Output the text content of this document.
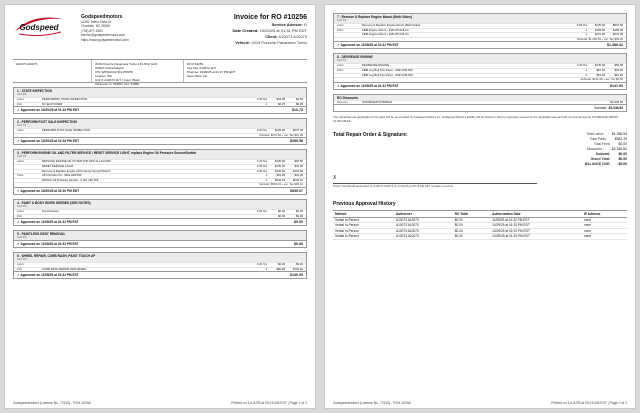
Godspeed
Godspeedmotors
11481 Talent Oaks Dr
Charlotte, NC 28269
(704) 877-1500
service@godspeedmotors.com
https://www.godspeedmotors.com
Invoice for RO #10256
Service Advisor: R
Date Created: 10/29/25 at 01:31 PM EDT
Client: A10073 A10073
Vehicle: 2015 Porsche Panamera Turbo
A10073 A10073	2015 Porsche Panamera Turbo 4.8L 8Cyl GAS
OWNA Turbocharged
VIN: WP0AC2A72FL078076
License: N/A
Unit #: A10073 11/7 | Color: Black
Odometer In: 61859 | Out: 61859
RO # 10256
Key Tag: A10073 11/7
Promise: 10/29/25 at 01:37 PM EDT
Save Parts: No
1 - STATE INSPECTION
Tech P/S
Labor	PERFORMNC STATE INSPECTION	0.30 hrs	$23.38	$4.69
Part	NC ELSTICKER	1	$6.25	$6.25
✓ Approved on 10/29/25 at 01:33 PM EDT	$10.73
2 - PERFORM POST SALE INSPECTION
Tech T.S
Labor	PERFORM POST SALE INSPECTION	2.00 hrs	$135.00	$270.00
Subtotal: $270.00 + est. Tax $19.38
✓ Approved on 10/29/25 at 01:33 PM EDT	$289.58
3 - PERFORM ENGINE OIL AND FILTER SERVICE / RESET SERVICE LIGHT, replace Engine Oil Pressure Sensor/Switch
Tech T.S
Labor	REPLACE ENGINE OIL FILTER TOP OFF ALL FLUIDS	0.70 hrs	$135.00	$94.50
RESET SERVICE LIGHT	0.30 hrs	$135.00	$40.50
Remove & Replace Engine Oil Pressure Sensor/Switch	0.93 hrs	$135.00	$133.65
Parts	API Oil Filter Kit - 9001.094/760	1	$34.29	$34.29
BOSCH Oil Pressure Sender - 0 261 230 256	1	$245.19	$245.19
Subtotal: $503.63 + est. Tax $36.44
✓ Approved on 10/29/25 at 02:10 PM EDT	$539.07
4 - PAINT & BODY WORK NEEDED (SEE NOTES)
Tech P/S
Labor	Front bumper	0.01 hrs	$0.00	$0.00
Part	$0.00	$0.00
✓ Approved on 11/08/25 at 01:32 PM EST	$0.00
5 - PAINTLESS DENT REMOVAL
Tech P/S
✓ Approved on 11/08/25 at 01:32 PM EST	$0.00
6 - WHEEL REPAIR, CURB RASH, PAINT TOUCH UP
Tech P/S
Labor	0.01 hrs	$0.00	$0.00
Part	CURB RASH REPAIR PER WHEEL	2	$65.00	$130.00
✓ Approved on 11/08/25 at 01:32 PM EST	$130.00
Godspeedmotors (License No. 72110) - RO# 10256	Printed on 11/11/25 at 09:15 AM EST | Page 1 of 2
7 - Remove & Replace Engine Mount (Both Sides)
Tech T.S
Labor	Remove & Replace Engine Mount (Both Sides)	5.94 hrs	$135.00	$801.90
Parts	FEBI Engine Mount - 948.375.018.1G	1	$183.95	$183.95
FEBI Engine Mount - 948.375.036 1G	1	$231.05	$231.05
Subtotal: $1,290.50 + est. Tax $99.92
✓ Approved on 11/08/25 at 01:32 PM EST	$1,389.42
8 - DEGREASE ENGINE
Tech T.S
Labor	DEGREASE ENGINE	0.40 hrs	$135.00	$54.00
Parts	FEBI Lug Bolt Two-Piece - 9941.005.540	1	$15.49	$15.49
FEBI Lug Bolt Two-Piece - 9941.005.540	1	$15.49	$15.49
Subtotal: $131.98 + est. Tax $9.55
✓ Approved on 11/08/25 at 01:32 PM EST	$141.53
RO Discounts
Discount	GODSPEED INTERNAL	-$2,346.82
Subtotal: -$2,346.82
The warranties are applicable for the parts will be as provided by Godspeed Motors Inc. Godspeed Motors's liability will be limited to what is expressly required by the applicable laws and will not extend beyond COVERAGE 12MOS 12,000 MILES.
Total Repair Order & Signature:
X
Grand Total $0.00 authorized by A10073 A10073 on 11/11/25 at 09:15 AM EST verbally in-person
Total Labor:	$1,358.53
Total Parts:	$982.29
Total Fees:	$0.00
Discounts:	-$2,346.82
Subtotal:	$0.00
Grand Total:	$0.00
BALANCE DUE:	$0.00
Previous Approval History
Method	Authorizer	RO Total	Authorization Date	IP Address
Verbal In-Person	A10073 A10073	$0.00	11/08/25 at 01:32 PM EST	none
Verbal In-Person	A10073 A10073	$0.00	10/29/25 at 01:33 PM EDT	none
Verbal In-Person	A10073 A10073	$0.00	10/29/25 at 02:10 PM EDT	none
Verbal In-Person	A10073 A10073	$0.00	10/29/25 at 01:33 PM EDT	none
Godspeedmotors (License No. 72110) - RO# 10256	Printed on 11/11/25 at 09:15 AM EST | Page 2 of 2
